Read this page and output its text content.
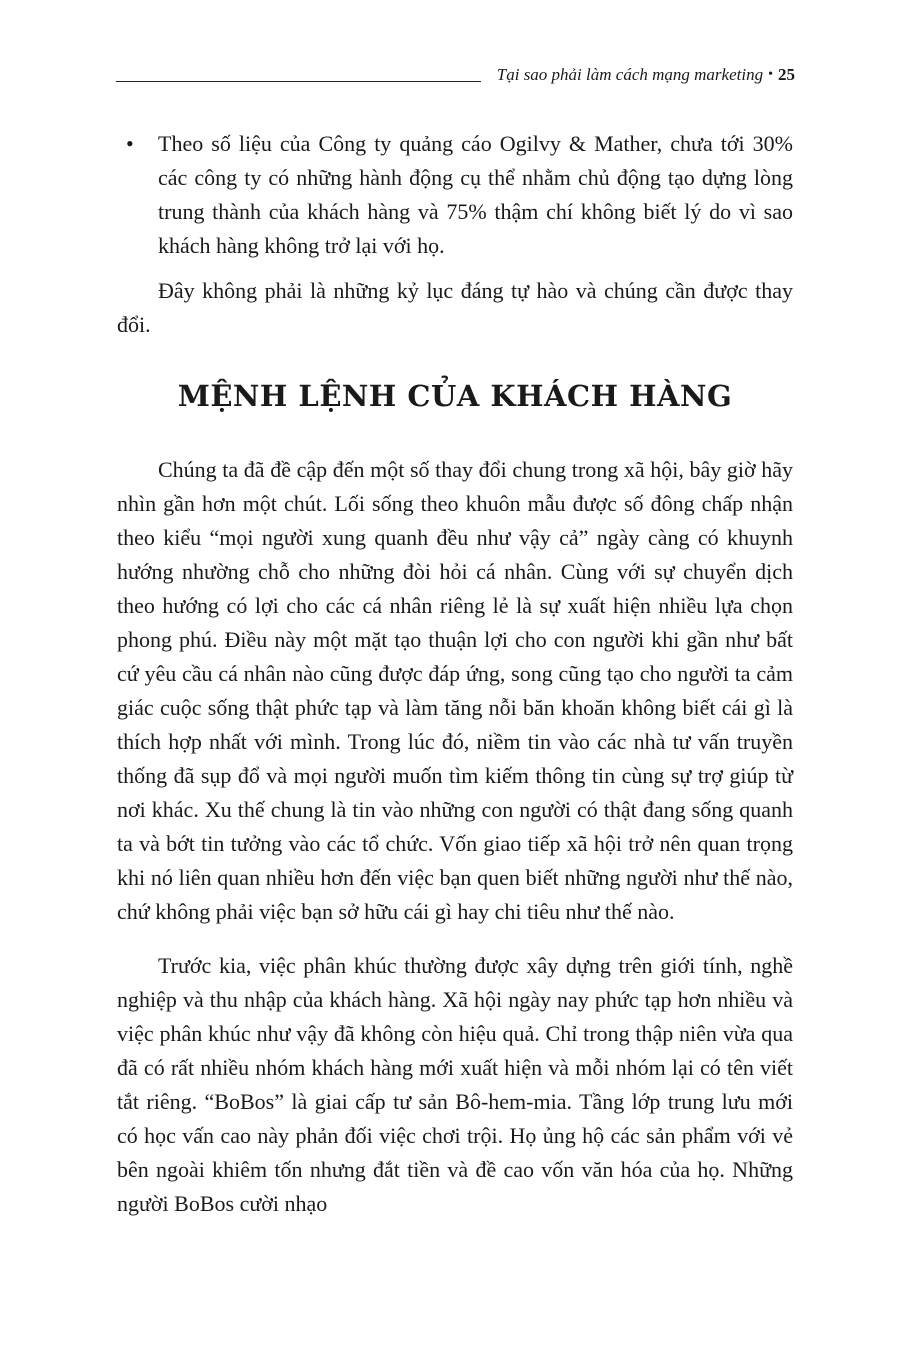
Tại sao phải làm cách mạng marketing • 25
• Theo số liệu của Công ty quảng cáo Ogilvy & Mather, chưa tới 30% các công ty có những hành động cụ thể nhằm chủ động tạo dựng lòng trung thành của khách hàng và 75% thậm chí không biết lý do vì sao khách hàng không trở lại với họ.

Đây không phải là những kỷ lục đáng tự hào và chúng cần được thay đổi.

MỆNH LỆNH CỦA KHÁCH HÀNG

Chúng ta đã đề cập đến một số thay đổi chung trong xã hội, bây giờ hãy nhìn gần hơn một chút. Lối sống theo khuôn mẫu được số đông chấp nhận theo kiểu “mọi người xung quanh đều như vậy cả” ngày càng có khuynh hướng nhường chỗ cho những đòi hỏi cá nhân. Cùng với sự chuyển dịch theo hướng có lợi cho các cá nhân riêng lẻ là sự xuất hiện nhiều lựa chọn phong phú. Điều này một mặt tạo thuận lợi cho con người khi gần như bất cứ yêu cầu cá nhân nào cũng được đáp ứng, song cũng tạo cho người ta cảm giác cuộc sống thật phức tạp và làm tăng nỗi băn khoăn không biết cái gì là thích hợp nhất với mình. Trong lúc đó, niềm tin vào các nhà tư vấn truyền thống đã sụp đổ và mọi người muốn tìm kiếm thông tin cùng sự trợ giúp từ nơi khác. Xu thế chung là tin vào những con người có thật đang sống quanh ta và bớt tin tưởng vào các tổ chức. Vốn giao tiếp xã hội trở nên quan trọng khi nó liên quan nhiều hơn đến việc bạn quen biết những người như thế nào, chứ không phải việc bạn sở hữu cái gì hay chi tiêu như thế nào.

Trước kia, việc phân khúc thường được xây dựng trên giới tính, nghề nghiệp và thu nhập của khách hàng. Xã hội ngày nay phức tạp hơn nhiều và việc phân khúc như vậy đã không còn hiệu quả. Chỉ trong thập niên vừa qua đã có rất nhiều nhóm khách hàng mới xuất hiện và mỗi nhóm lại có tên viết tắt riêng. “BoBos” là giai cấp tư sản Bô-hem-mia. Tầng lớp trung lưu mới có học vấn cao này phản đối việc chơi trội. Họ ủng hộ các sản phẩm với vẻ bên ngoài khiêm tốn nhưng đắt tiền và đề cao vốn văn hóa của họ. Những người BoBos cười nhạo
